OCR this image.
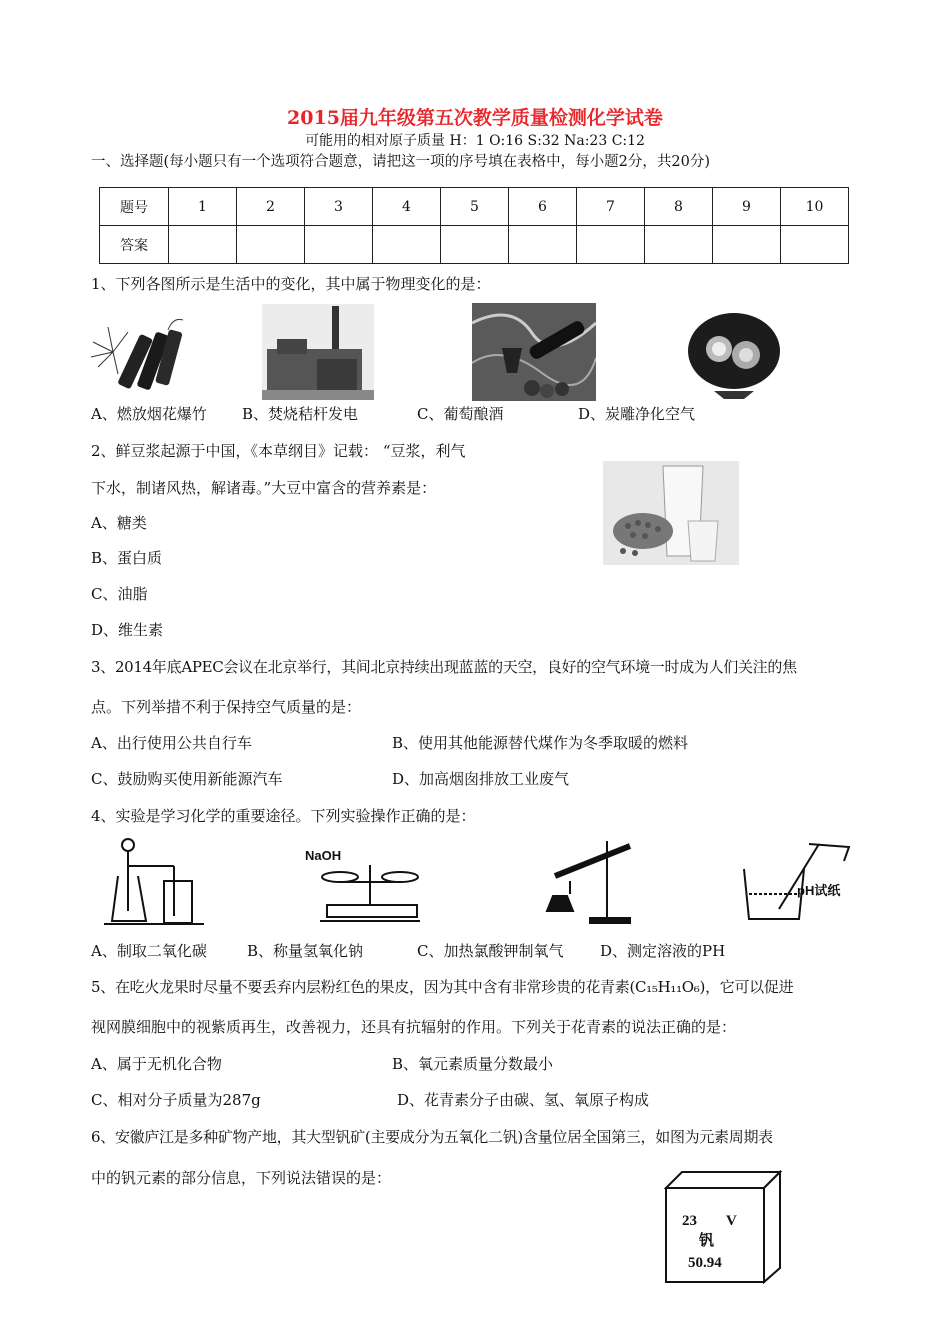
2015届九年级第五次教学质量检测化学试卷
可能用的相对原子质量 H：1 O:16 S:32 Na:23 C:12
一、选择题(每小题只有一个选项符合题意，请把这一项的序号填在表格中，每小题2分，共20分)
题号	1	2	3	4	5	6	7	8	9	10
答案										
1、下列各图所示是生活中的变化，其中属于物理变化的是：
A、燃放烟花爆竹 B、焚烧秸杆发电	C、葡萄酿酒	D、炭雕净化空气
2、鲜豆浆起源于中国，《本草纲目》记载： “豆浆，利气
下水，制诸风热，解诸毒。”大豆中富含的营养素是：
A、糖类
B、蛋白质
C、油脂
D、维生素
3、2014年底APEC会议在北京举行，其间北京持续出现蓝蓝的天空，良好的空气环境一时成为人们关注的焦
点。下列举措不利于保持空气质量的是：
A、出行使用公共自行车	B、使用其他能源替代煤作为冬季取暖的燃料
C、鼓励购买使用新能源汽车	D、加高烟囱排放工业废气
4、实验是学习化学的重要途径。下列实验操作正确的是：
NaOH
pH试纸
A、制取二氧化碳	B、称量氢氧化钠	C、加热氯酸钾制氧气 D、测定溶液的PH
5、在吃火龙果时尽量不要丢弃内层粉红色的果皮，因为其中含有非常珍贵的花青素(C₁₅H₁₁O₆)，它可以促进
视网膜细胞中的视紫质再生，改善视力，还具有抗辐射的作用。下列关于花青素的说法正确的是：
A、属于无机化合物	B、氧元素质量分数最小
C、相对分子质量为287g	D、花青素分子由碳、氢、氧原子构成
6、安徽庐江是多种矿物产地，其大型钒矿(主要成分为五氧化二钒)含量位居全国第三，如图为元素周期表
中的钒元素的部分信息，下列说法错误的是：
23 V
钒
50.94
